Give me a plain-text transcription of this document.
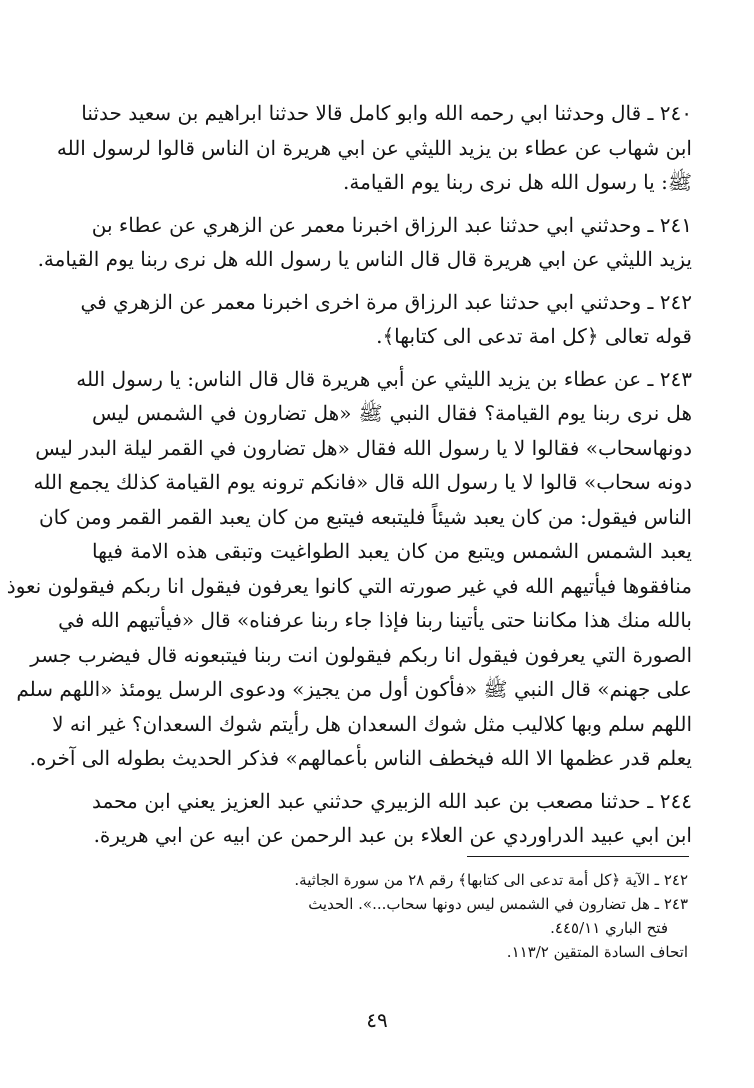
٢٤٠ ـ قال وحدثنا ابي رحمه الله وابو كامل قالا حدثنا ابراهيم بن سعيد حدثنا
ابن شهاب عن عطاء بن يزيد الليثي عن ابي هريرة ان الناس قالوا لرسول الله
ﷺ: يا رسول الله هل نرى ربنا يوم القيامة.

٢٤١ ـ وحدثني ابي حدثنا عبد الرزاق اخبرنا معمر عن الزهري عن عطاء بن
يزيد الليثي عن ابي هريرة قال قال الناس يا رسول الله هل نرى ربنا يوم القيامة.

٢٤٢ ـ وحدثني ابي حدثنا عبد الرزاق مرة اخرى اخبرنا معمر عن الزهري في
قوله تعالى ﴿كل امة تدعى الى كتابها﴾.

٢٤٣ ـ عن عطاء بن يزيد الليثي عن أبي هريرة قال قال الناس: يا رسول الله
هل نرى ربنا يوم القيامة؟ فقال النبي ﷺ «هل تضارون في الشمس ليس
دونهاسحاب» فقالوا لا يا رسول الله فقال «هل تضارون في القمر ليلة البدر ليس
دونه سحاب» قالوا لا يا رسول الله قال «فانكم ترونه يوم القيامة كذلك يجمع الله
الناس فيقول: من كان يعبد شيئاً فليتبعه فيتبع من كان يعبد القمر القمر ومن كان
يعبد الشمس الشمس ويتبع من كان يعبد الطواغيت وتبقى هذه الامة فيها
منافقوها فيأتيهم الله في غير صورته التي كانوا يعرفون فيقول انا ربكم فيقولون نعوذ
بالله منك هذا مكاننا حتى يأتينا ربنا فإذا جاء ربنا عرفناه» قال «فيأتيهم الله في
الصورة التي يعرفون فيقول انا ربكم فيقولون انت ربنا فيتبعونه قال فيضرب جسر
على جهنم» قال النبي ﷺ «فأكون أول من يجيز» ودعوى الرسل يومئذ «اللهم سلم
اللهم سلم وبها كلاليب مثل شوك السعدان هل رأيتم شوك السعدان؟ غير انه لا
يعلم قدر عظمها الا الله فيخطف الناس بأعمالهم» فذكر الحديث بطوله الى آخره.

٢٤٤ ـ حدثنا مصعب بن عبد الله الزبيري حدثني عبد العزيز يعني ابن محمد
ابن ابي عبيد الدراوردي عن العلاء بن عبد الرحمن عن ابيه عن ابي هريرة.

٢٤٢ ـ الآية ﴿كل أمة تدعى الى كتابها﴾ رقم ٢٨ من سورة الجاثية.
٢٤٣ ـ هل تضارون في الشمس ليس دونها سحاب...». الحديث
فتح الباري ٤٤٥/١١.
اتحاف السادة المتقين ١١٣/٢.
٤٩
